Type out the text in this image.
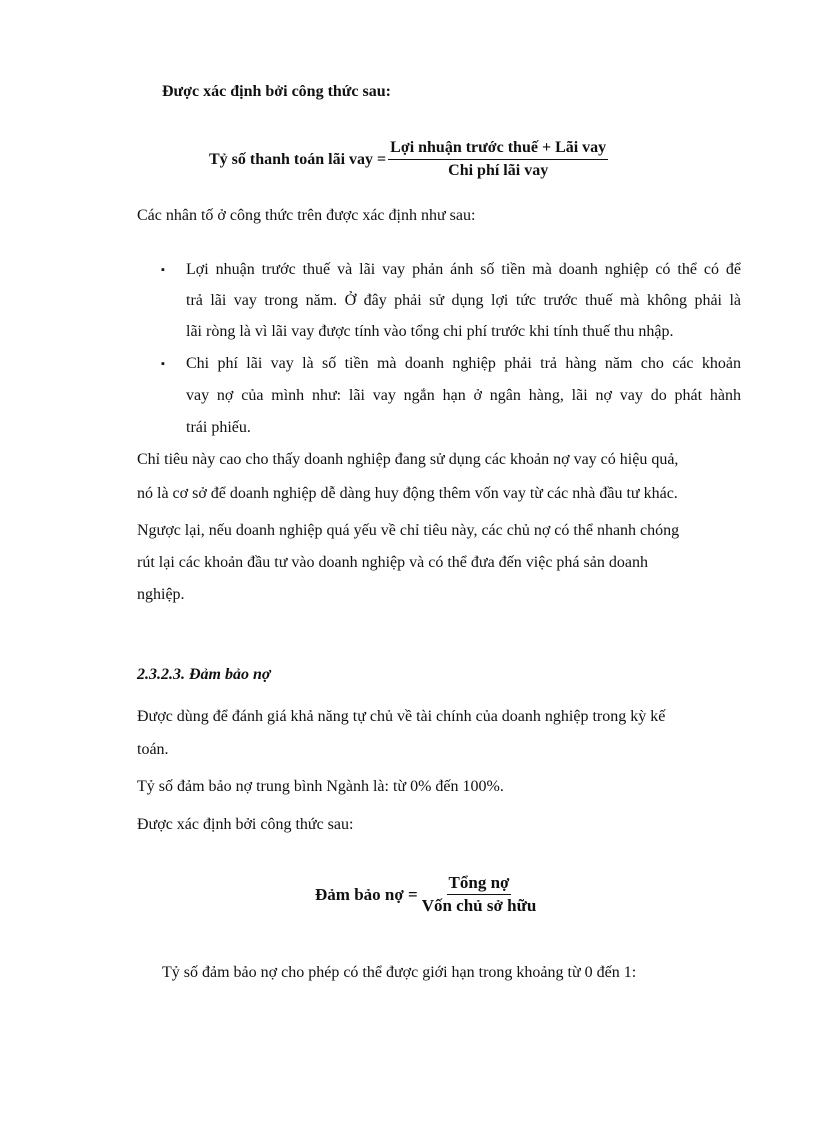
Được xác định bởi công thức sau:
Tỷ số thanh toán lãi vay = $\frac{\text{Lợi nhuận trước thuế + Lãi vay}}{\text{Chi phí lãi vay}}$
Các nhân tố ở công thức trên được xác định như sau:
▪ Lợi nhuận trước thuế và lãi vay phản ánh số tiền mà doanh nghiệp có thể có để
trả lãi vay trong năm. Ở đây phải sử dụng lợi tức trước thuế mà không phải là
lãi ròng là vì lãi vay được tính vào tổng chi phí trước khi tính thuế thu nhập.
▪ Chi phí lãi vay là số tiền mà doanh nghiệp phải trả hàng năm cho các khoản
vay nợ của mình như: lãi vay ngắn hạn ở ngân hàng, lãi nợ vay do phát hành
trái phiếu.
Chỉ tiêu này cao cho thấy doanh nghiệp đang sử dụng các khoản nợ vay có hiệu quả,
nó là cơ sở để doanh nghiệp dễ dàng huy động thêm vốn vay từ các nhà đầu tư khác.
Ngược lại, nếu doanh nghiệp quá yếu về chỉ tiêu này, các chủ nợ có thể nhanh chóng
rút lại các khoản đầu tư vào doanh nghiệp và có thể đưa đến việc phá sản doanh
nghiệp.
2.3.2.3. Đảm bảo nợ
Được dùng để đánh giá khả năng tự chủ về tài chính của doanh nghiệp trong kỳ kế
toán.
Tỷ số đảm bảo nợ trung bình Ngành là: từ 0% đến 100%.
Được xác định bởi công thức sau:
Đảm bảo nợ = $\frac{\text{Tổng nợ}}{\text{Vốn chủ sở hữu}}$
Tỷ số đảm bảo nợ cho phép có thể được giới hạn trong khoảng từ 0 đến 1:
